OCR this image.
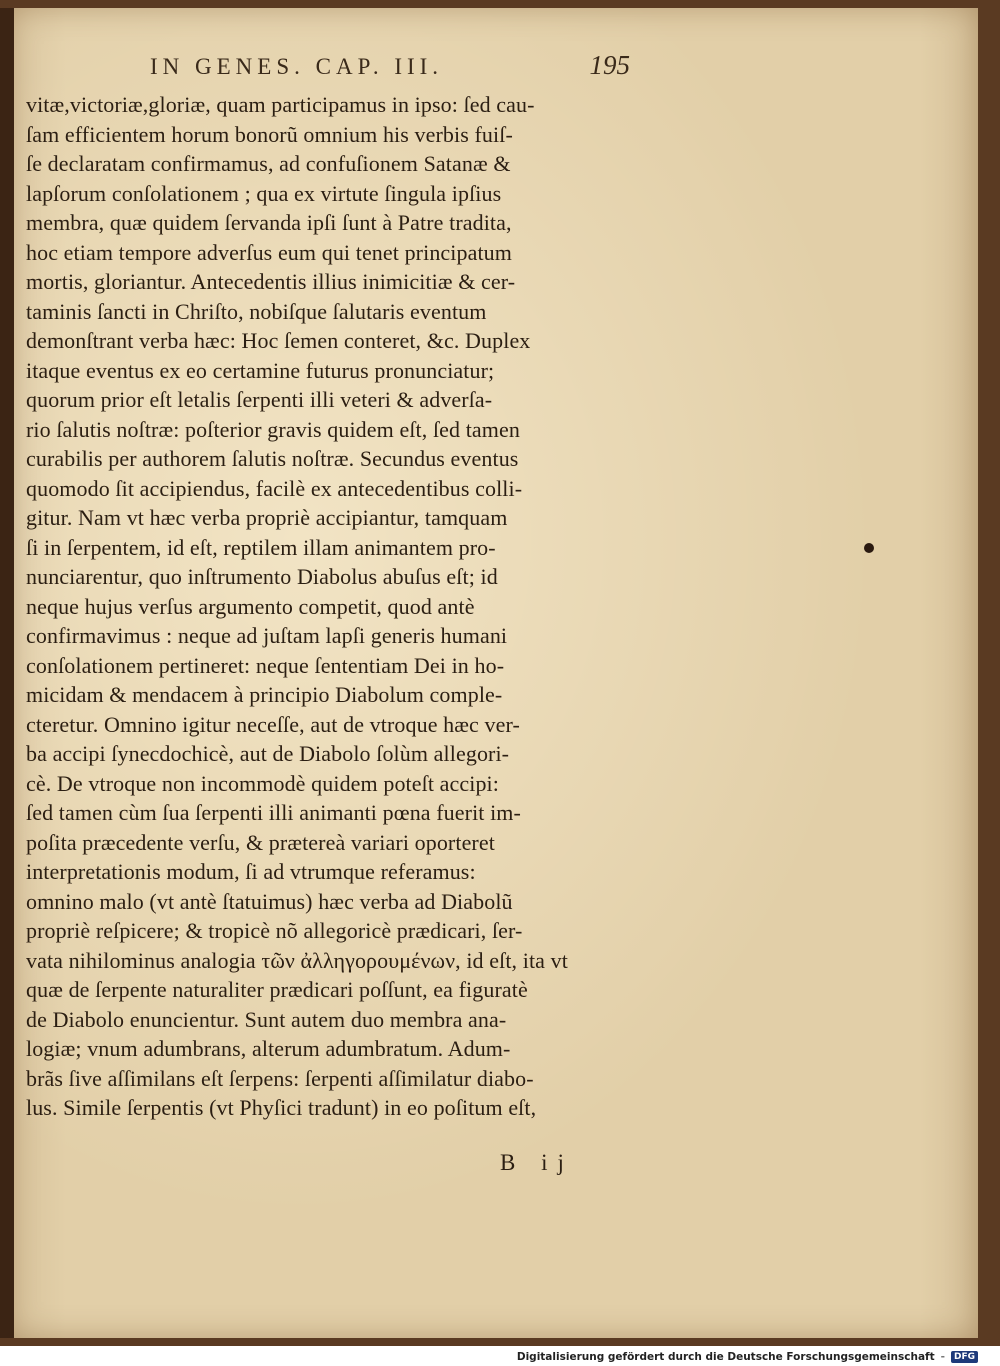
IN GENES. CAP. III.	195
vitæ,victoriæ,gloriæ, quam participamus in ipso: ſed cau-
ſam efficientem horum bonorũ omnium his verbis fuiſ-
ſe declaratam confirmamus, ad confuſionem Satanæ &
lapſorum conſolationem ; qua ex virtute ſingula ipſius
membra, quæ quidem ſervanda ipſi ſunt à Patre tradita,
hoc etiam tempore adverſus eum qui tenet principatum
mortis, gloriantur. Antecedentis illius inimicitiæ & cer-
taminis ſancti in Chriſto, nobiſque ſalutaris eventum
demonſtrant verba hæc: Hoc ſemen conteret, &c. Duplex
itaque eventus ex eo certamine futurus pronunciatur;
quorum prior eſt letalis ſerpenti illi veteri & adverſa-
rio ſalutis noſtræ: poſterior gravis quidem eſt, ſed tamen
curabilis per authorem ſalutis noſtræ. Secundus eventus
quomodo ſit accipiendus, facilè ex antecedentibus colli-
gitur. Nam vt hæc verba propriè accipiantur, tamquam
ſi in ſerpentem, id eſt, reptilem illam animantem pro-
nunciarentur, quo inſtrumento Diabolus abuſus eſt; id
neque hujus verſus argumento competit, quod antè
confirmavimus : neque ad juſtam lapſi generis humani
conſolationem pertineret: neque ſententiam Dei in ho-
micidam & mendacem à principio Diabolum comple-
cteretur. Omnino igitur neceſſe, aut de vtroque hæc ver-
ba accipi ſynecdochicè, aut de Diabolo ſolùm allegori-
cè. De vtroque non incommodè quidem poteſt accipi:
ſed tamen cùm ſua ſerpenti illi animanti pœna fuerit im-
poſita præcedente verſu, & prætereà variari oporteret
interpretationis modum, ſi ad vtrumque referamus:
omnino malo (vt antè ſtatuimus) hæc verba ad Diabolũ
propriè reſpicere; & tropicè nõ allegoricè prædicari, ſer-
vata nihilominus analogia τῶν ἀλληγορουμένων, id eſt, ita vt
quæ de ſerpente naturaliter prædicari poſſunt, ea figuratè
de Diabolo enuncientur. Sunt autem duo membra ana-
logiæ; vnum adumbrans, alterum adumbratum. Adum-
brãs ſive aſſimilans eſt ſerpens: ſerpenti aſſimilatur diabo-
lus. Simile ſerpentis (vt Phyſici tradunt) in eo poſitum eſt,
B ij
Digitalisierung gefördert durch die Deutsche Forschungsgemeinschaft -	DFG
